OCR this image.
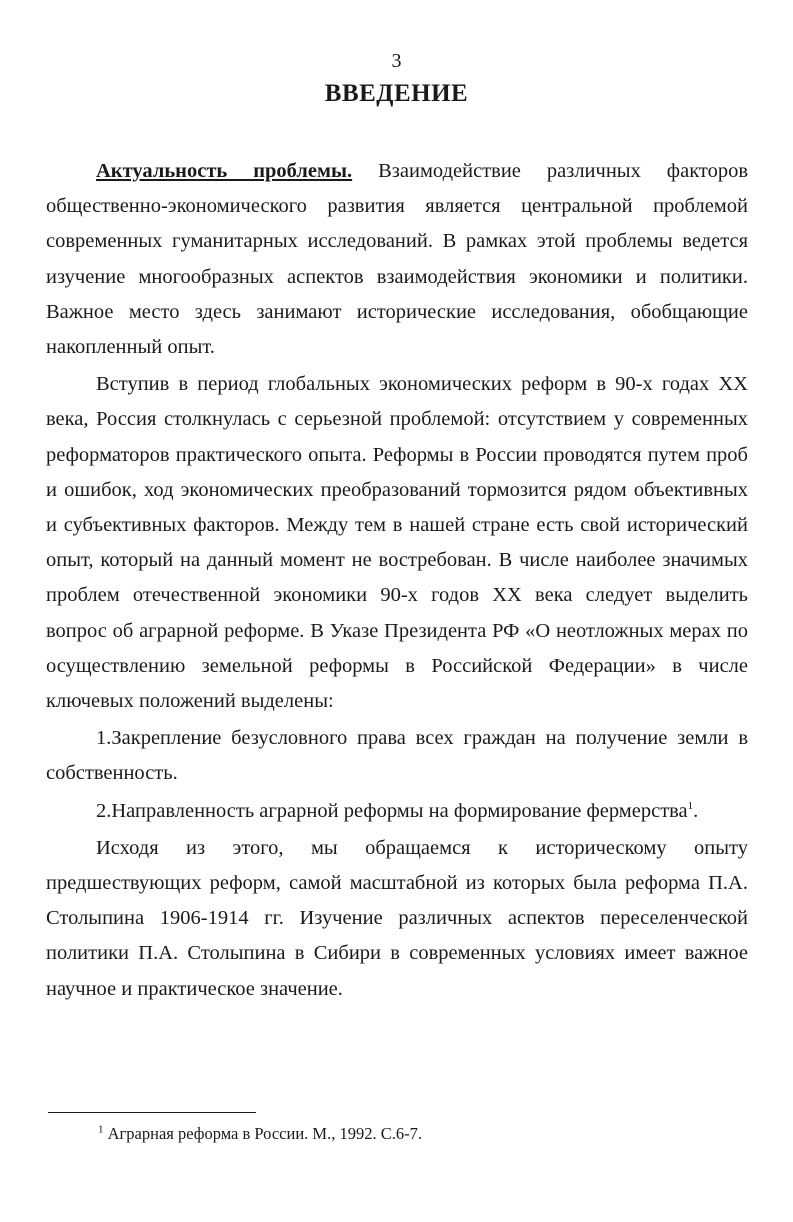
3
ВВЕДЕНИЕ

Актуальность проблемы. Взаимодействие различных факторов общественно-экономического развития является центральной проблемой современных гуманитарных исследований. В рамках этой проблемы ведется изучение многообразных аспектов взаимодействия экономики и политики. Важное место здесь занимают исторические исследования, обобщающие накопленный опыт.

Вступив в период глобальных экономических реформ в 90-х годах XX века, Россия столкнулась с серьезной проблемой: отсутствием у современных реформаторов практического опыта. Реформы в России проводятся путем проб и ошибок, ход экономических преобразований тормозится рядом объективных и субъективных факторов. Между тем в нашей стране есть свой исторический опыт, который на данный момент не востребован. В числе наиболее значимых проблем отечественной экономики 90-х годов XX века следует выделить вопрос об аграрной реформе. В Указе Президента РФ «О неотложных мерах по осуществлению земельной реформы в Российской Федерации» в числе ключевых положений выделены:

1.Закрепление безусловного права всех граждан на получение земли в собственность.

2.Направленность аграрной реформы на формирование фермерства$^1$.

Исходя из этого, мы обращаемся к историческому опыту предшествующих реформ, самой масштабной из которых была реформа П.А. Столыпина 1906-1914 гг. Изучение различных аспектов переселенческой политики П.А. Столыпина в Сибири в современных условиях имеет важное научное и практическое значение.

$^1$ Аграрная реформа в России. М., 1992. С.6-7.
